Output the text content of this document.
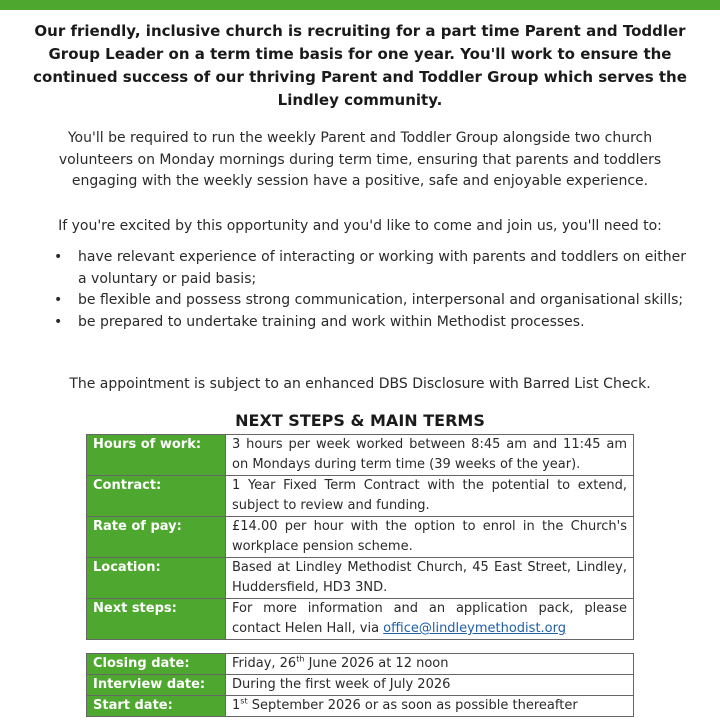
Our friendly, inclusive church is recruiting for a part time Parent and Toddler Group Leader on a term time basis for one year. You'll work to ensure the continued success of our thriving Parent and Toddler Group which serves the Lindley community.
You'll be required to run the weekly Parent and Toddler Group alongside two church volunteers on Monday mornings during term time, ensuring that parents and toddlers engaging with the weekly session have a positive, safe and enjoyable experience.
If you're excited by this opportunity and you'd like to come and join us, you'll need to:
• have relevant experience of interacting or working with parents and toddlers on either a voluntary or paid basis;
• be flexible and possess strong communication, interpersonal and organisational skills;
• be prepared to undertake training and work within Methodist processes.
The appointment is subject to an enhanced DBS Disclosure with Barred List Check.
NEXT STEPS & MAIN TERMS
Hours of work:	3 hours per week worked between 8:45 am and 11:45 am on Mondays during term time (39 weeks of the year).
Contract:	1 Year Fixed Term Contract with the potential to extend, subject to review and funding.
Rate of pay:	£14.00 per hour with the option to enrol in the Church's workplace pension scheme.
Location:	Based at Lindley Methodist Church, 45 East Street, Lindley, Huddersfield, HD3 3ND.
Next steps:	For more information and an application pack, please contact Helen Hall, via office@lindleymethodist.org
Closing date:	Friday, 26th June 2026 at 12 noon
Interview date:	During the first week of July 2026
Start date:	1st September 2026 or as soon as possible thereafter
